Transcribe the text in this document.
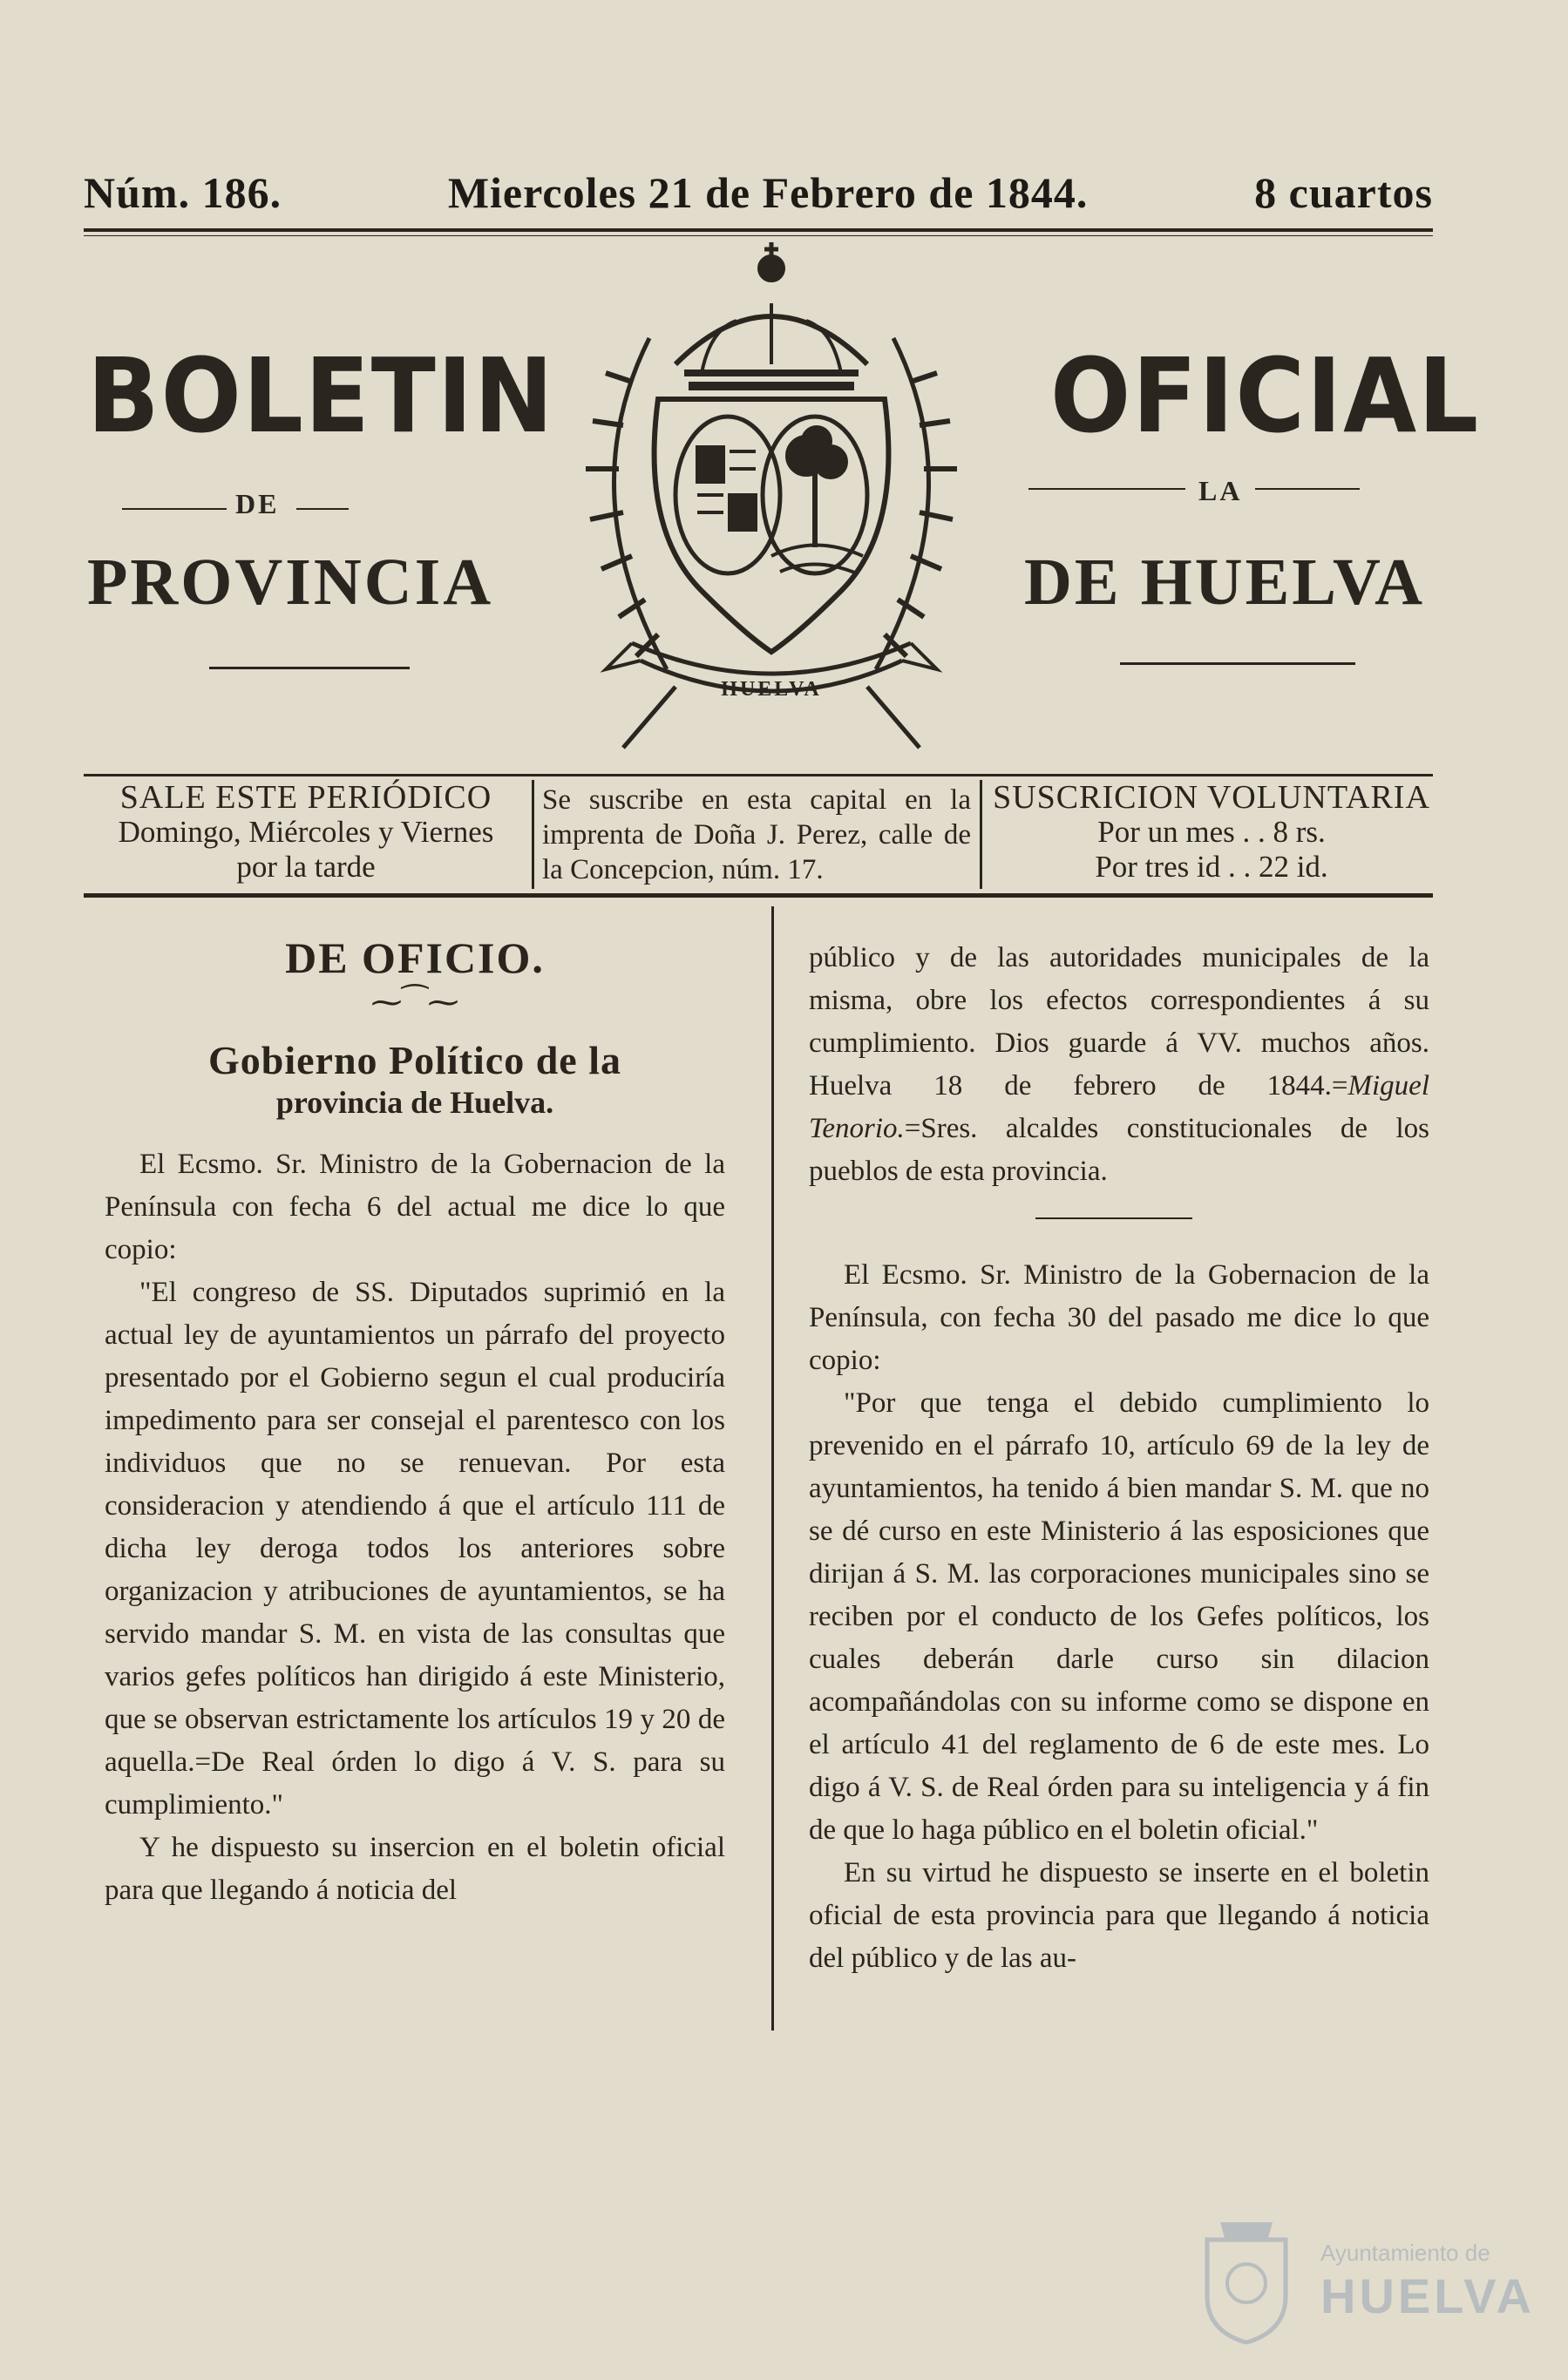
Núm. 186.	Miercoles 21 de Febrero de 1844.	8 cuartos
BOLETIN	OFICIAL
DE	LA
PROVINCIA	DE HUELVA
HUELVA
SALE ESTE PERIÓDICO
Domingo, Miércoles y Viernes
por la tarde
Se suscribe en esta capital en la imprenta de Doña J. Perez, calle de la Concepcion, núm. 17.
SUSCRICION VOLUNTARIA
Por un mes . . 8 rs.
Por tres id . . 22 id.

DE OFICIO.

⁓⁀⁓

Gobierno Político de la

provincia de Huelva.

El Ecsmo. Sr. Ministro de la Gobernacion de la Península con fecha 6 del actual me dice lo que copio:

"El congreso de SS. Diputados suprimió en la actual ley de ayuntamientos un párrafo del proyecto presentado por el Gobierno segun el cual produciría impedimento para ser consejal el parentesco con los individuos que no se renuevan. Por esta consideracion y atendiendo á que el artículo 111 de dicha ley deroga todos los anteriores sobre organizacion y atribuciones de ayuntamientos, se ha servido mandar S. M. en vista de las consultas que varios gefes políticos han dirigido á este Ministerio, que se observan estrictamente los artículos 19 y 20 de aquella.=De Real órden lo digo á V. S. para su cumplimiento."

Y he dispuesto su insercion en el boletin oficial para que llegando á noticia del

público y de las autoridades municipales de la misma, obre los efectos correspondientes á su cumplimiento. Dios guarde á VV. muchos años. Huelva 18 de febrero de 1844.=Miguel Tenorio.=Sres. alcaldes constitucionales de los pueblos de esta provincia.

El Ecsmo. Sr. Ministro de la Gobernacion de la Península, con fecha 30 del pasado me dice lo que copio:

"Por que tenga el debido cumplimiento lo prevenido en el párrafo 10, artículo 69 de la ley de ayuntamientos, ha tenido á bien mandar S. M. que no se dé curso en este Ministerio á las esposiciones que dirijan á S. M. las corporaciones municipales sino se reciben por el conducto de los Gefes políticos, los cuales deberán darle curso sin dilacion acompañándolas con su informe como se dispone en el artículo 41 del reglamento de 6 de este mes. Lo digo á V. S. de Real órden para su inteligencia y á fin de que lo haga público en el boletin oficial."

En su virtud he dispuesto se inserte en el boletin oficial de esta provincia para que llegando á noticia del público y de las au-

Ayuntamiento de
HUELVA
